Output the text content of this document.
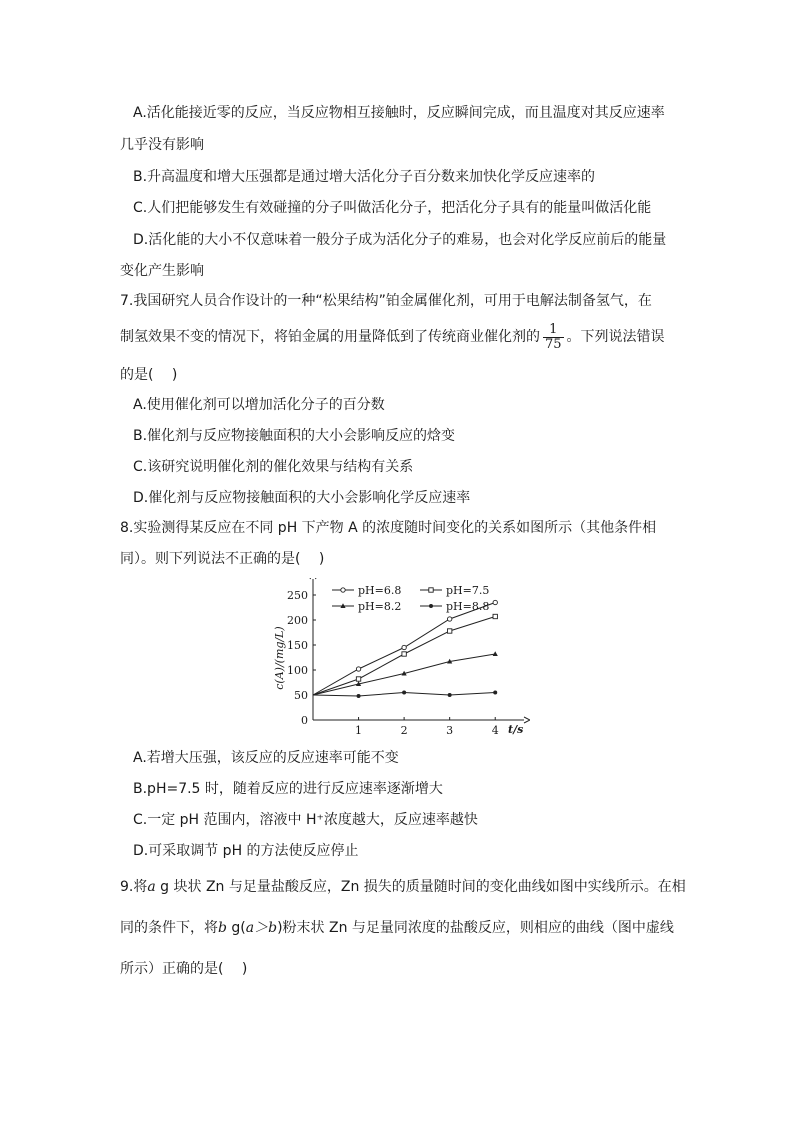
A.活化能接近零的反应，当反应物相互接触时，反应瞬间完成，而且温度对其反应速率
几乎没有影响
B.升高温度和增大压强都是通过增大活化分子百分数来加快化学反应速率的
C.人们把能够发生有效碰撞的分子叫做活化分子，把活化分子具有的能量叫做活化能
D.活化能的大小不仅意味着一般分子成为活化分子的难易，也会对化学反应前后的能量
变化产生影响
7.我国研究人员合作设计的一种“松果结构”铂金属催化剂，可用于电解法制备氢气，在
制氢效果不变的情况下，将铂金属的用量降低到了传统商业催化剂的 $\frac{1}{75}$ 。下列说法错误
的是(　 )
A.使用催化剂可以增加活化分子的百分数
B.催化剂与反应物接触面积的大小会影响反应的焓变
C.该研究说明催化剂的催化效果与结构有关系
D.催化剂与反应物接触面积的大小会影响化学反应速率
8.实验测得某反应在不同 pH 下产物 A 的浓度随时间变化的关系如图所示（其他条件相
同）。则下列说法不正确的是(　 )
0
50
100
150
200
250
1	2	3	4
pH=6.8	pH=7.5
pH=8.2	pH=8.8
c(A)/(mg/L)
t/s
A.若增大压强，该反应的反应速率可能不变
B.pH=7.5 时，随着反应的进行反应速率逐渐增大
C.一定 pH 范围内，溶液中 H⁺浓度越大，反应速率越快
D.可采取调节 pH 的方法使反应停止
9.将a g 块状 Zn 与足量盐酸反应，Zn 损失的质量随时间的变化曲线如图中实线所示。在相
同的条件下，将b g(a＞b)粉末状 Zn 与足量同浓度的盐酸反应，则相应的曲线（图中虚线
所示）正确的是(　 )
